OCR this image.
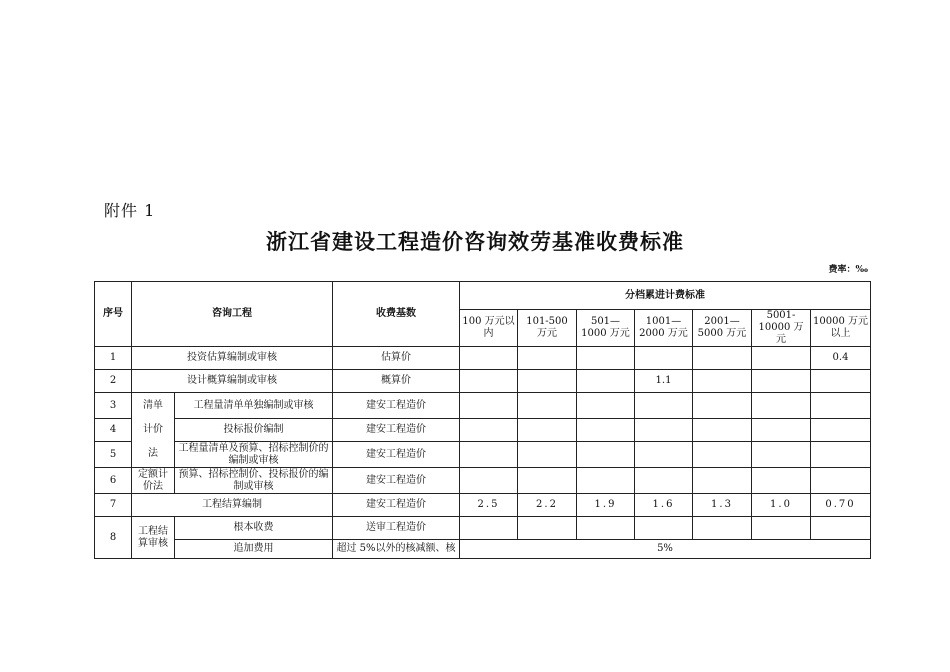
附件 1
浙江省建设工程造价咨询效劳基准收费标准
费率：‰
序号	咨询工程		收费基数	分档累进计费标准						
				100 万元以内	101-500 万元	501—1000 万元	1001—2000 万元	2001—5000 万元	5001-10000 万元	10000 万元以上
1	投资估算编制或审核		估算价							0.4
2	设计概算编制或审核		概算价				1.1			
3	清单	工程量清单单独编制或审核	建安工程造价							
4	计价	投标报价编制	建安工程造价							
5	法	工程量清单及预算、招标控制价的编制或审核	建安工程造价							
6	定额计价法	预算、招标控制价、投标报价的编制或审核	建安工程造价							
7	工程结算编制		建安工程造价	2.5	2.2	1.9	1.6	1.3	1.0	0.70
8	工程结算审核	根本收费	送审工程造价							
		追加费用	超过 5%以外的核减额、核	5%						
